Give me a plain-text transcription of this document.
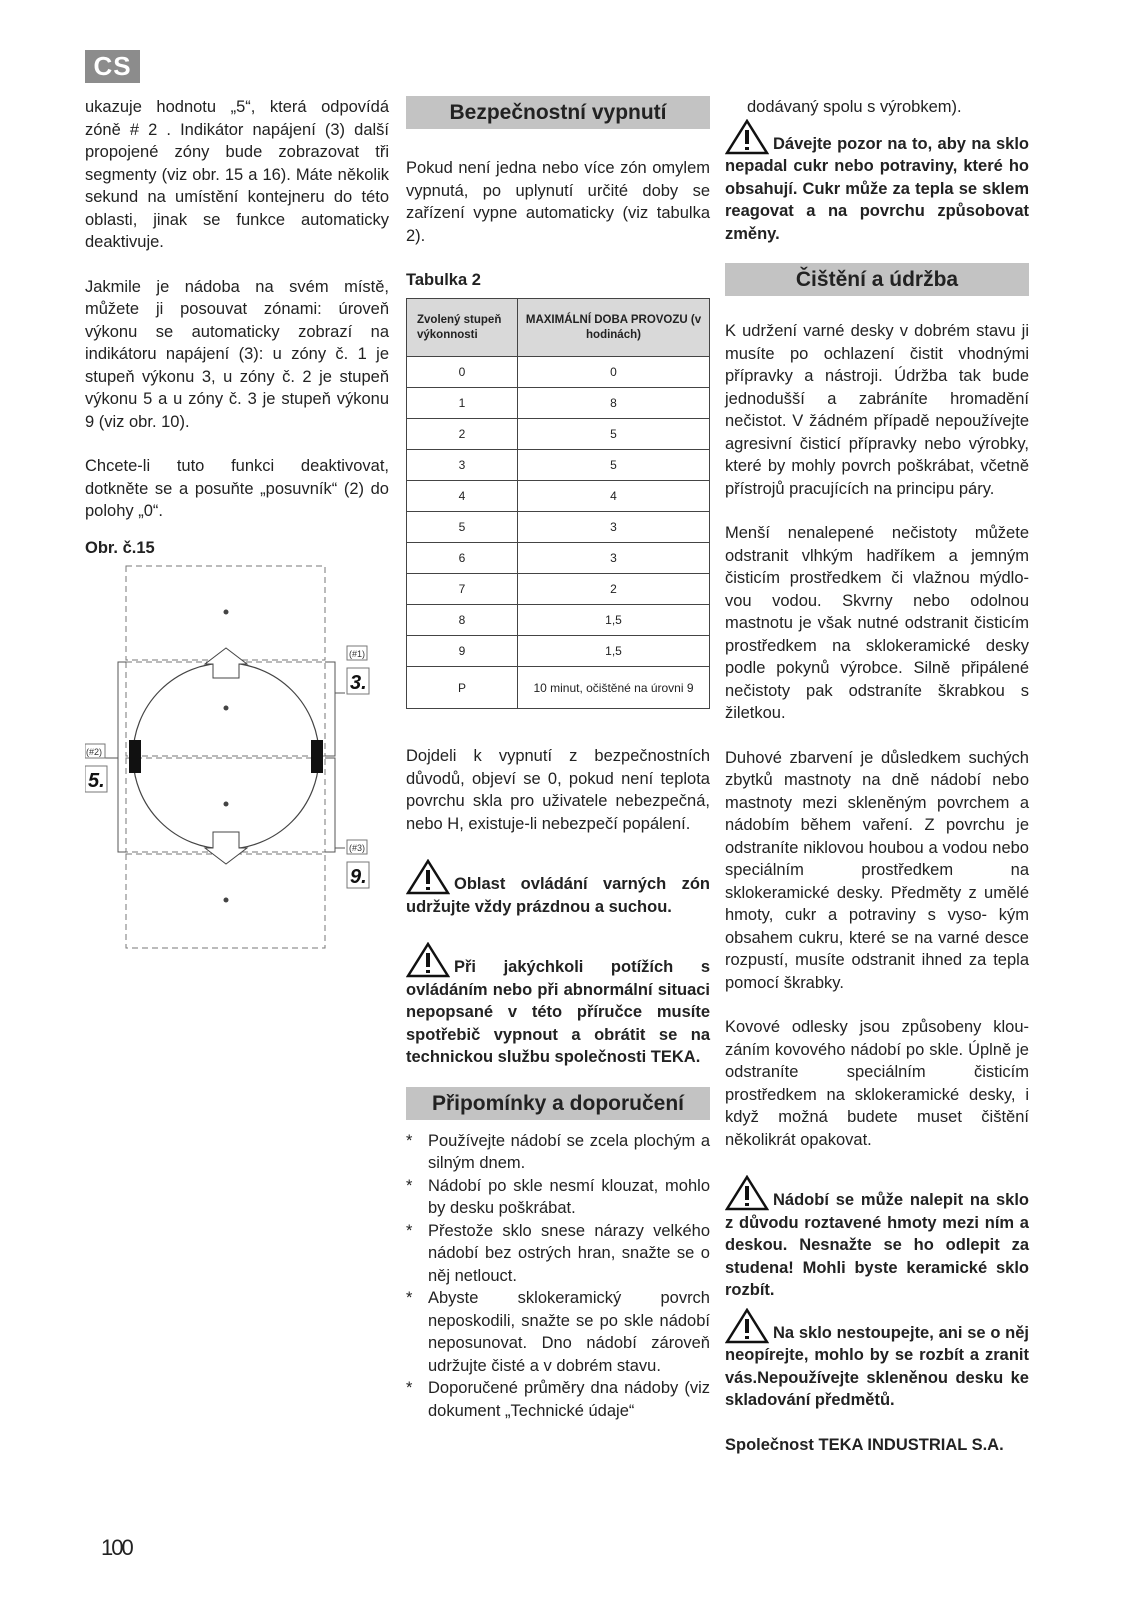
CS

ukazuje hodnotu „5“, která odpovídá zóně # 2 . Indikátor napájení (3) další propojené zóny bude zobrazovat tři segmenty (viz obr. 15 a 16). Máte několik sekund na umístění kontejneru do této oblasti, jinak se funkce automaticky deaktivuje.

Jakmile je nádoba na svém místě, můžete ji posouvat zónami: úroveň výkonu se automaticky zobrazí na indikátoru napájení (3): u zóny č. 1 je stupeň výkonu 3, u zóny č. 2 je stupeň výkonu 5 a u zóny č. 3 je stupeň výkonu 9 (viz obr. 10).

Chcete-li tuto funkci deaktivovat, dotkněte se a posuňte „posuvník“ (2) do polohy „0“.

Obr. č.15
(#1)
3.
(#3)
9.
(#2)
5.
Bezpečnostní vypnutí

Pokud není jedna nebo více zón omylem vypnutá, po uplynutí určité doby se zařízení vypne automaticky (viz tabulka 2).

Tabulka 2
Zvolený stupeň výkonnosti	MAXIMÁLNÍ DOBA PROVOZU (v hodinách)
0	0
1	8
2	5
3	5
4	4
5	3
6	3
7	2
8	1,5
9	1,5
P	10 minut, očištěné na úrovni 9

Dojdeli k vypnutí z bezpečnostních důvodů, objeví se 0, pokud není teplota povrchu skla pro uživatele nebezpečná, nebo H, existuje-li nebezpečí popálení.

Oblast ovládání varných zón udržujte vždy prázdnou a suchou.

Při jakýchkoli potížích s ovládáním nebo při abnormální situaci nepopsané v této příručce musíte spotřebič vypnout a obrátit se na technickou službu společnosti TEKA.

Připomínky a doporučení
* Používejte nádobí se zcela plochým a silným dnem.
* Nádobí po skle nesmí klouzat, mohlo by desku poškrábat.
* Přestože sklo snese nárazy velkého nádobí bez ostrých hran, snažte se o něj netlouct.
* Abyste sklokeramický povrch neposkodili, snažte se po skle nádobí neposunovat. Dno nádobí zároveň udržujte čisté a v dobrém stavu.
* Doporučené průměry dna nádoby (viz dokument „Technické údaje“

dodávaný spolu s výrobkem).

Dávejte pozor na to, aby na sklo nepadal cukr nebo potraviny, které ho obsahují. Cukr může za tepla se sklem reagovat a na povrchu způsobovat změny.

Čištění a údržba

K udržení varné desky v dobrém stavu ji musíte po ochlazení čistit vhodnými přípravky a nástroji. Údržba tak bude jednodušší a zabráníte hromadění nečistot. V žádném případě nepoužívejte agresivní čisticí přípravky nebo výrobky, které by mohly povrch poškrábat, včetně přístrojů pracujících na principu páry.

Menší nenalepené nečistoty můžete odstranit vlhkým hadříkem a jemným čisticím prostředkem či vlažnou mýdlo- vou vodou. Skvrny nebo odolnou mastnotu je však nutné odstranit čisticím prostředkem na sklokeramické desky podle pokynů výrobce. Silně připálené nečistoty pak odstraníte škrabkou s žiletkou.

Duhové zbarvení je důsledkem suchých zbytků mastnoty na dně nádobí nebo mastnoty mezi skleněným povrchem a nádobím během vaření. Z povrchu je odstraníte niklovou houbou a vodou nebo speciálním prostředkem na sklokeramické desky. Předměty z umělé hmoty, cukr a potraviny s vyso- kým obsahem cukru, které se na varné desce rozpustí, musíte odstranit ihned za tepla pomocí škrabky.

Kovové odlesky jsou způsobeny klou- záním kovového nádobí po skle. Úplně je odstraníte speciálním čisticím prostředkem na sklokeramické desky, i když možná budete muset čištění několikrát opakovat.

Nádobí se může nalepit na sklo z důvodu roztavené hmoty mezi ním a deskou. Nesnažte se ho odlepit za studena! Mohli byste keramické sklo rozbít.

Na sklo nestoupejte, ani se o něj neopírejte, mohlo by se rozbít a zranit vás.Nepoužívejte skleněnou desku ke skladování předmětů.

Společnost TEKA INDUSTRIAL S.A.

100
